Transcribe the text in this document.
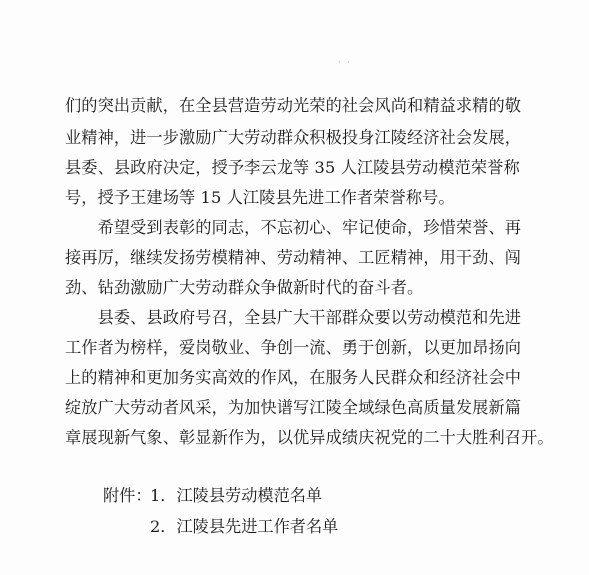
· ·
们的突出贡献，在全县营造劳动光荣的社会风尚和精益求精的敬
业精神，进一步激励广大劳动群众积极投身江陵经济社会发展，
县委、县政府决定，授予李云龙等 35 人江陵县劳动模范荣誉称
号，授予王建场等 15 人江陵县先进工作者荣誉称号。
　　希望受到表彰的同志，不忘初心、牢记使命，珍惜荣誉、再
接再厉，继续发扬劳模精神、劳动精神、工匠精神，用干劲、闯
劲、钻劲激励广大劳动群众争做新时代的奋斗者。
　　县委、县政府号召，全县广大干部群众要以劳动模范和先进
工作者为榜样，爱岗敬业、争创一流、勇于创新，以更加昂扬向
上的精神和更加务实高效的作风，在服务人民群众和经济社会中
绽放广大劳动者风采，为加快谱写江陵全域绿色高质量发展新篇
章展现新气象、彰显新作为，以优异成绩庆祝党的二十大胜利召开。
附件：
1．江陵县劳动模范名单
2．江陵县先进工作者名单
